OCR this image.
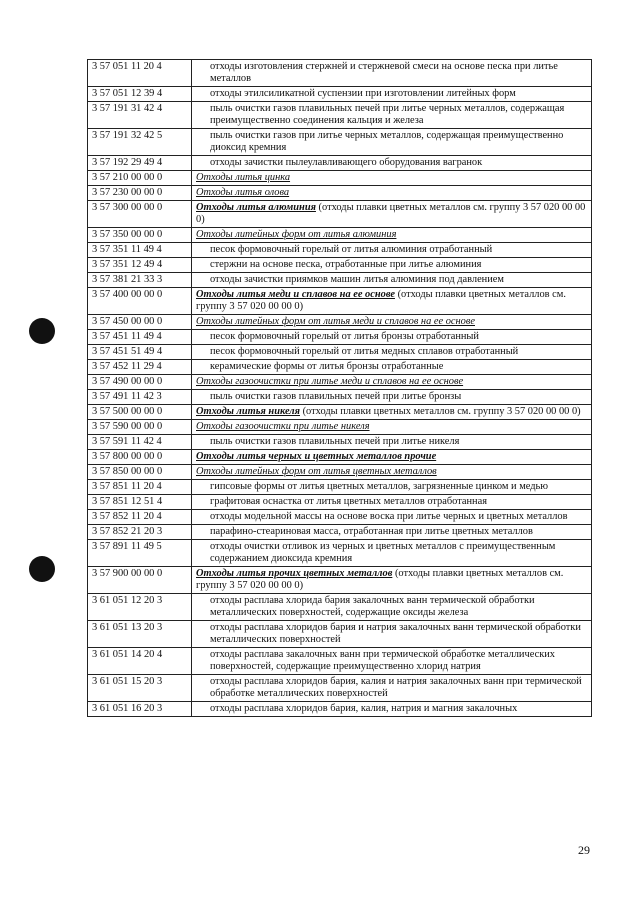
3 57 051 11 20 4	отходы изготовления стержней и стержневой смеси на основе песка при литье металлов
3 57 051 12 39 4	отходы этилсиликатной суспензии при изготовлении литейных форм
3 57 191 31 42 4	пыль очистки газов плавильных печей при литье черных металлов, содержащая преимущественно соединения кальция и железа
3 57 191 32 42 5	пыль очистки газов при литье черных металлов, содержащая преимущественно диоксид кремния
3 57 192 29 49 4	отходы зачистки пылеулавливающего оборудования вагранок
3 57 210 00 00 0	Отходы литья цинка
3 57 230 00 00 0	Отходы литья олова
3 57 300 00 00 0	Отходы литья алюминия (отходы плавки цветных металлов см. группу 3 57 020 00 00 0)
3 57 350 00 00 0	Отходы литейных форм от литья алюминия
3 57 351 11 49 4	песок формовочный горелый от литья алюминия отработанный
3 57 351 12 49 4	стержни на основе песка, отработанные при литье алюминия
3 57 381 21 33 3	отходы зачистки приямков машин литья алюминия под давлением
3 57 400 00 00 0	Отходы литья меди и сплавов на ее основе (отходы плавки цветных металлов см. группу 3 57 020 00 00 0)
3 57 450 00 00 0	Отходы литейных форм от литья меди и сплавов на ее основе
3 57 451 11 49 4	песок формовочный горелый от литья бронзы отработанный
3 57 451 51 49 4	песок формовочный горелый от литья медных сплавов отработанный
3 57 452 11 29 4	керамические формы от литья бронзы отработанные
3 57 490 00 00 0	Отходы газоочистки при литье меди и сплавов на ее основе
3 57 491 11 42 3	пыль очистки газов плавильных печей при литье бронзы
3 57 500 00 00 0	Отходы литья никеля (отходы плавки цветных металлов см. группу 3 57 020 00 00 0)
3 57 590 00 00 0	Отходы газоочистки при литье никеля
3 57 591 11 42 4	пыль очистки газов плавильных печей при литье никеля
3 57 800 00 00 0	Отходы литья черных и цветных металлов прочие
3 57 850 00 00 0	Отходы литейных форм от литья цветных металлов
3 57 851 11 20 4	гипсовые формы от литья цветных металлов, загрязненные цинком и медью
3 57 851 12 51 4	графитовая оснастка от литья цветных металлов отработанная
3 57 852 11 20 4	отходы модельной массы на основе воска при литье черных и цветных металлов
3 57 852 21 20 3	парафино-стеариновая масса, отработанная при литье цветных металлов
3 57 891 11 49 5	отходы очистки отливок из черных и цветных металлов с преимущественным содержанием диоксида кремния
3 57 900 00 00 0	Отходы литья прочих цветных металлов (отходы плавки цветных металлов см. группу 3 57 020 00 00 0)
3 61 051 12 20 3	отходы расплава хлорида бария закалочных ванн термической обработки металлических поверхностей, содержащие оксиды железа
3 61 051 13 20 3	отходы расплава хлоридов бария и натрия закалочных ванн термической обработки металлических поверхностей
3 61 051 14 20 4	отходы расплава закалочных ванн при термической обработке металлических поверхностей, содержащие преимущественно хлорид натрия
3 61 051 15 20 3	отходы расплава хлоридов бария, калия и натрия закалочных ванн при термической обработке металлических поверхностей
3 61 051 16 20 3	отходы расплава хлоридов бария, калия, натрия и магния закалочных
29
